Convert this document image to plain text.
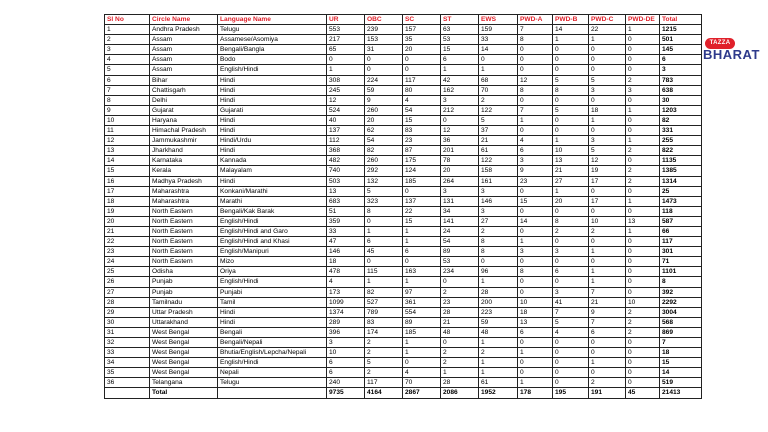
Sl No	Circle Name	Language Name	UR	OBC	SC	ST	EWS	PWD-A	PWD-B	PWD-C	PWD-DE	Total
1	Andhra Pradesh	Telugu	553	239	157	63	159	7	14	22	1	1215
2	Assam	Assamese/Asomiya	217	153	35	53	33	8	1	1	0	501
3	Assam	Bengali/Bangla	65	31	20	15	14	0	0	0	0	145
4	Assam	Bodo	0	0	0	6	0	0	0	0	0	6
5	Assam	English/Hindi	1	0	0	1	1	0	0	0	0	3
6	Bihar	Hindi	308	224	117	42	68	12	5	5	2	783
7	Chattisgarh	Hindi	245	59	80	162	70	8	8	3	3	638
8	Delhi	Hindi	12	9	4	3	2	0	0	0	0	30
9	Gujarat	Gujarati	524	260	54	212	122	7	5	18	1	1203
10	Haryana	Hindi	40	20	15	0	5	1	0	1	0	82
11	Himachal Pradesh	Hindi	137	62	83	12	37	0	0	0	0	331
12	Jammukashmir	Hindi/Urdu	112	54	23	36	21	4	1	3	1	255
13	Jharkhand	Hindi	368	82	87	201	61	6	10	5	2	822
14	Karnataka	Kannada	482	260	175	78	122	3	13	12	0	1135
15	Kerala	Malayalam	740	292	124	20	158	9	21	19	2	1385
16	Madhya Pradesh	Hindi	503	132	185	264	161	23	27	17	2	1314
17	Maharashtra	Konkani/Marathi	13	5	0	3	3	0	1	0	0	25
18	Maharashtra	Marathi	683	323	137	131	146	15	20	17	1	1473
19	North Eastern	Bengali/Kak Barak	51	8	22	34	3	0	0	0	0	118
20	North Eastern	English/Hindi	359	0	15	141	27	14	8	10	13	587
21	North Eastern	English/Hindi and Garo	33	1	1	24	2	0	2	2	1	66
22	North Eastern	English/Hindi and Khasi	47	6	1	54	8	1	0	0	0	117
23	North Eastern	English/Manipuri	146	45	6	89	8	3	3	1	0	301
24	North Eastern	Mizo	18	0	0	53	0	0	0	0	0	71
25	Odisha	Oriya	478	115	163	234	96	8	6	1	0	1101
26	Punjab	English/Hindi	4	1	1	0	1	0	0	1	0	8
27	Punjab	Punjabi	173	82	97	2	28	0	3	7	0	392
28	Tamilnadu	Tamil	1099	527	361	23	200	10	41	21	10	2292
29	Uttar Pradesh	Hindi	1374	789	554	28	223	18	7	9	2	3004
30	Uttarakhand	Hindi	289	83	89	21	59	13	5	7	2	568
31	West Bengal	Bengali	396	174	185	48	48	6	4	6	2	869
32	West Bengal	Bengali/Nepali	3	2	1	0	1	0	0	0	0	7
33	West Bengal	Bhutia/English/Lepcha/Nepali	10	2	1	2	2	1	0	0	0	18
34	West Bengal	English/Hindi	6	5	0	2	1	0	0	1	0	15
35	West Bengal	Nepali	6	2	4	1	1	0	0	0	0	14
36	Telangana	Telugu	240	117	70	28	61	1	0	2	0	519
	Total		9735	4164	2867	2086	1952	178	195	191	45	21413
TAZZA
BHARAT
